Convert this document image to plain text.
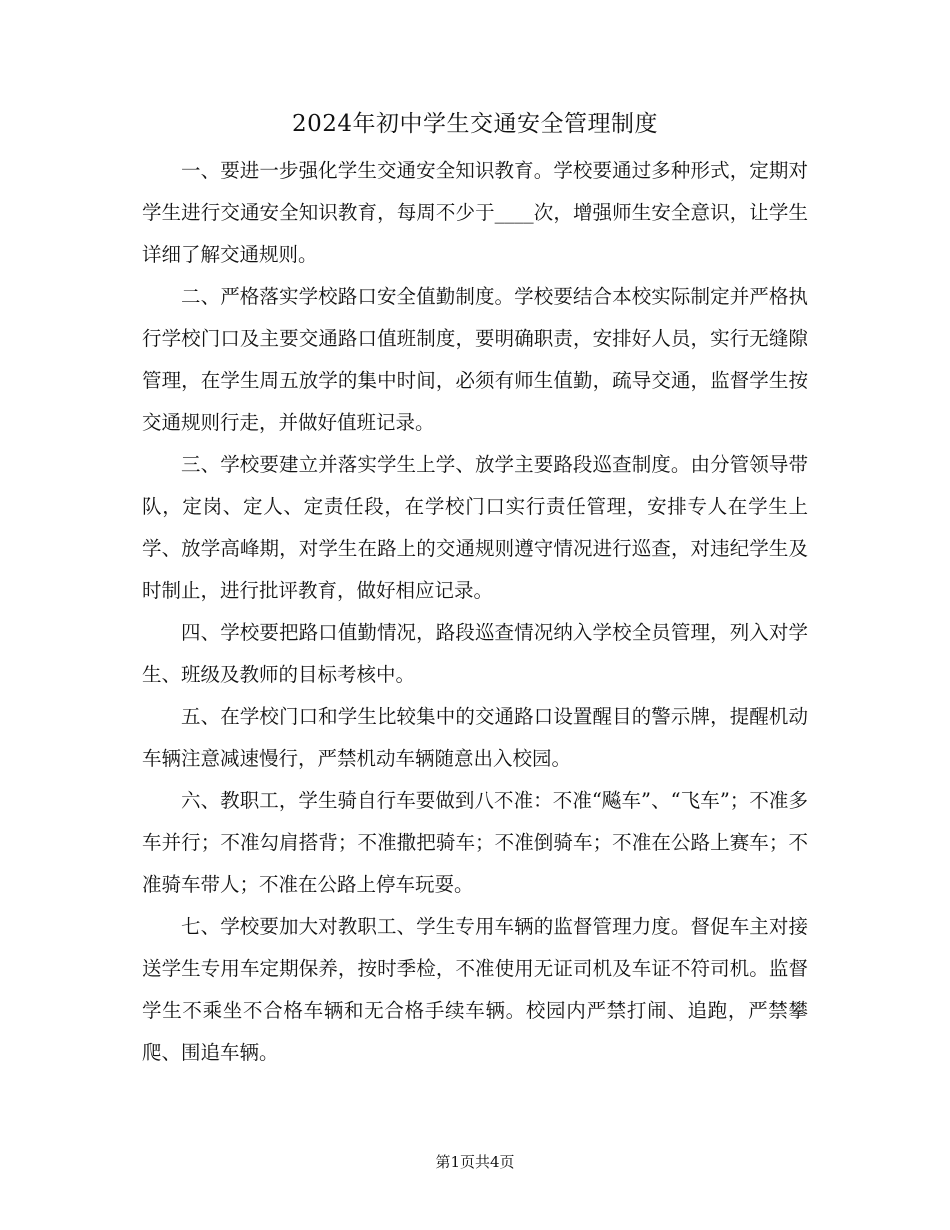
2024年初中学生交通安全管理制度

一、要进一步强化学生交通安全知识教育。学校要通过多种形式，定期对学生进行交通安全知识教育，每周不少于____次，增强师生安全意识，让学生详细了解交通规则。

二、严格落实学校路口安全值勤制度。学校要结合本校实际制定并严格执行学校门口及主要交通路口值班制度，要明确职责，安排好人员，实行无缝隙管理，在学生周五放学的集中时间，必须有师生值勤，疏导交通，监督学生按交通规则行走，并做好值班记录。

三、学校要建立并落实学生上学、放学主要路段巡查制度。由分管领导带队，定岗、定人、定责任段，在学校门口实行责任管理，安排专人在学生上学、放学高峰期，对学生在路上的交通规则遵守情况进行巡查，对违纪学生及时制止，进行批评教育，做好相应记录。

四、学校要把路口值勤情况，路段巡查情况纳入学校全员管理，列入对学生、班级及教师的目标考核中。

五、在学校门口和学生比较集中的交通路口设置醒目的警示牌，提醒机动车辆注意减速慢行，严禁机动车辆随意出入校园。

六、教职工，学生骑自行车要做到八不准：不准“飚车”、“飞车”；不准多车并行；不准勾肩搭背；不准撒把骑车；不准倒骑车；不准在公路上赛车；不准骑车带人；不准在公路上停车玩耍。

七、学校要加大对教职工、学生专用车辆的监督管理力度。督促车主对接送学生专用车定期保养，按时季检，不准使用无证司机及车证不符司机。监督学生不乘坐不合格车辆和无合格手续车辆。校园内严禁打闹、追跑，严禁攀爬、围追车辆。

第1页共4页
